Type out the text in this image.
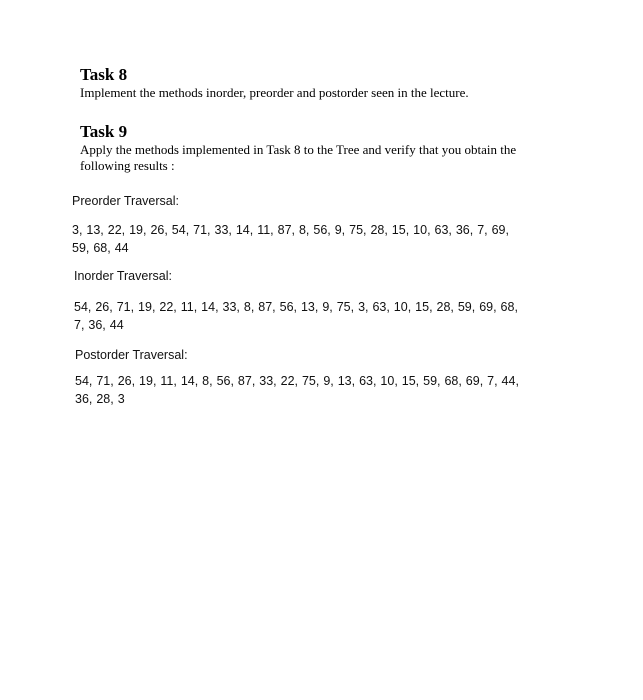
Task 8

Implement the methods inorder, preorder and postorder seen in the lecture.

Task 9

Apply the methods implemented in Task 8 to the Tree and verify that you obtain the following results :

Preorder Traversal:

3, 13, 22, 19, 26, 54, 71, 33, 14, 11, 87, 8, 56, 9, 75, 28, 15, 10, 63, 36, 7, 69, 59, 68, 44

Inorder Traversal:

54, 26, 71, 19, 22, 11, 14, 33, 8, 87, 56, 13, 9, 75, 3, 63, 10, 15, 28, 59, 69, 68, 7, 36, 44

Postorder Traversal:

54, 71, 26, 19, 11, 14, 8, 56, 87, 33, 22, 75, 9, 13, 63, 10, 15, 59, 68, 69, 7, 44, 36, 28, 3
